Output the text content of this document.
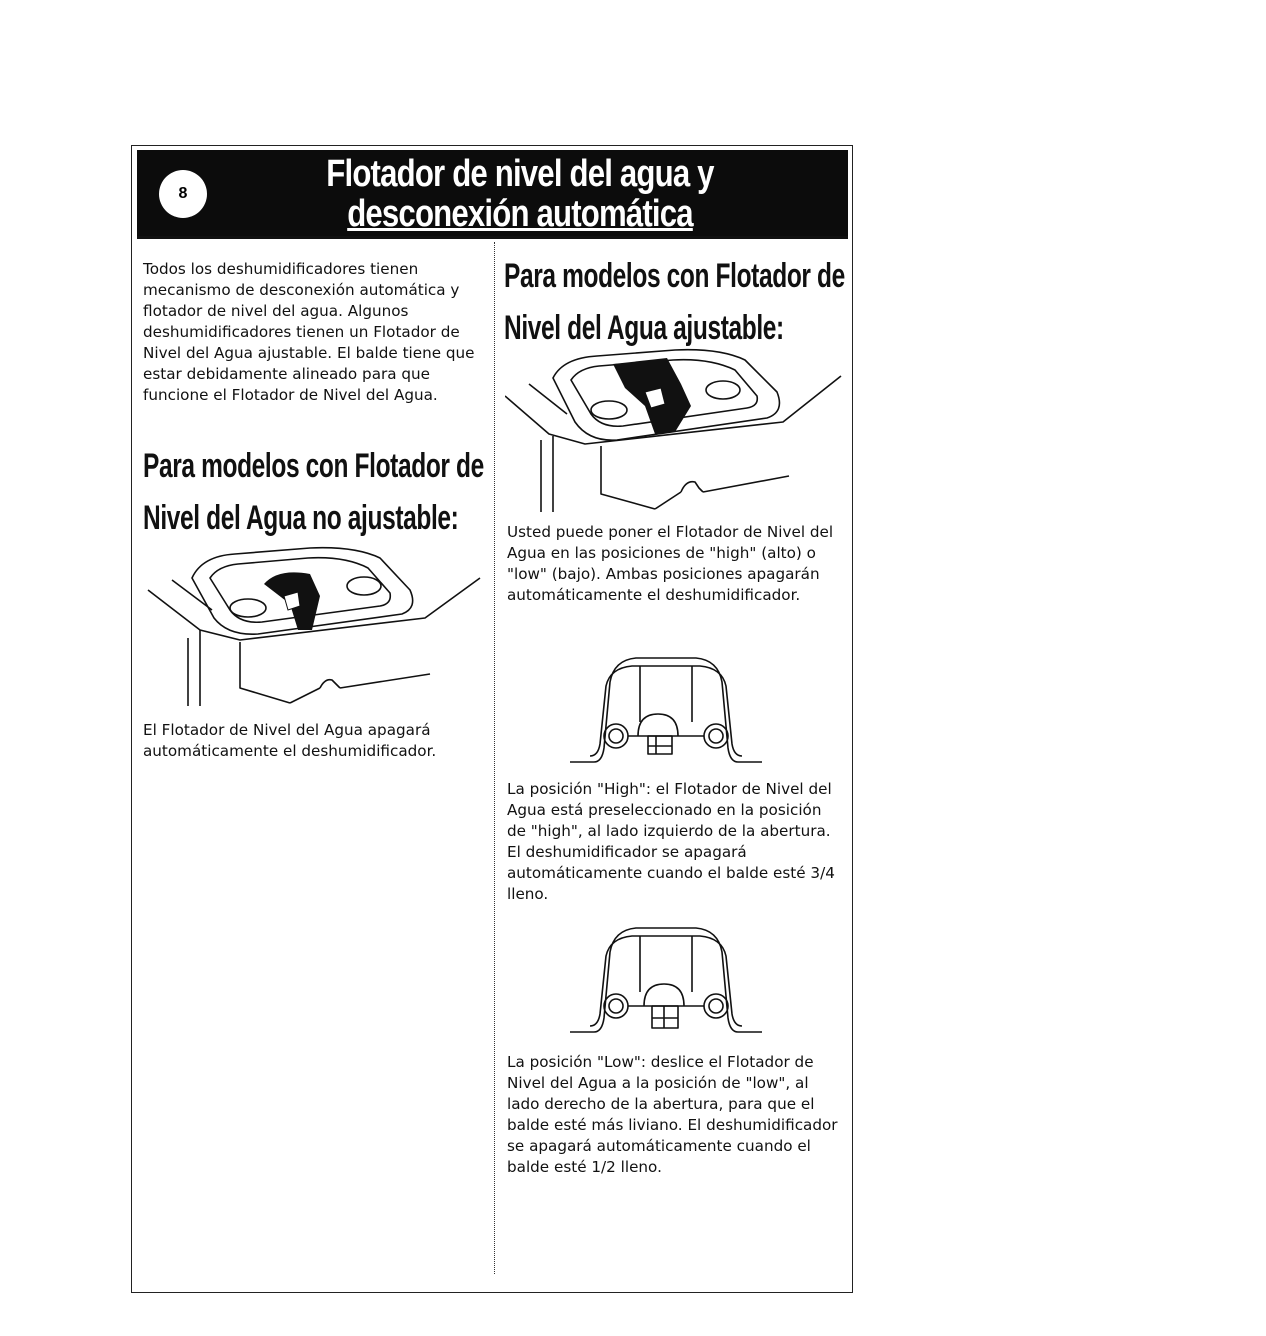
8	Flotador de nivel del agua y
desconexión automática

Todos los deshumidificadores tienen mecanismo de desconexión automática y flotador de nivel del agua. Algunos deshumidificadores tienen un Flotador de Nivel del Agua ajustable. El balde tiene que estar debidamente alineado para que funcione el Flotador de Nivel del Agua.

Para modelos con Flotador de
Nivel del Agua no ajustable:

El Flotador de Nivel del Agua apagará automáticamente el deshumidificador.

Para modelos con Flotador de
Nivel del Agua ajustable:

Usted puede poner el Flotador de Nivel del Agua en las posiciones de "high" (alto) o "low" (bajo). Ambas posiciones apagarán automáticamente el deshumidificador.

La posición "High": el Flotador de Nivel del Agua está preseleccionado en la posición de "high", al lado izquierdo de la abertura. El deshumidificador se apagará automáticamente cuando el balde esté 3/4 lleno.

La posición "Low": deslice el Flotador de Nivel del Agua a la posición de "low", al lado derecho de la abertura, para que el balde esté más liviano. El deshumidificador se apagará automáticamente cuando el balde esté 1/2 lleno.
